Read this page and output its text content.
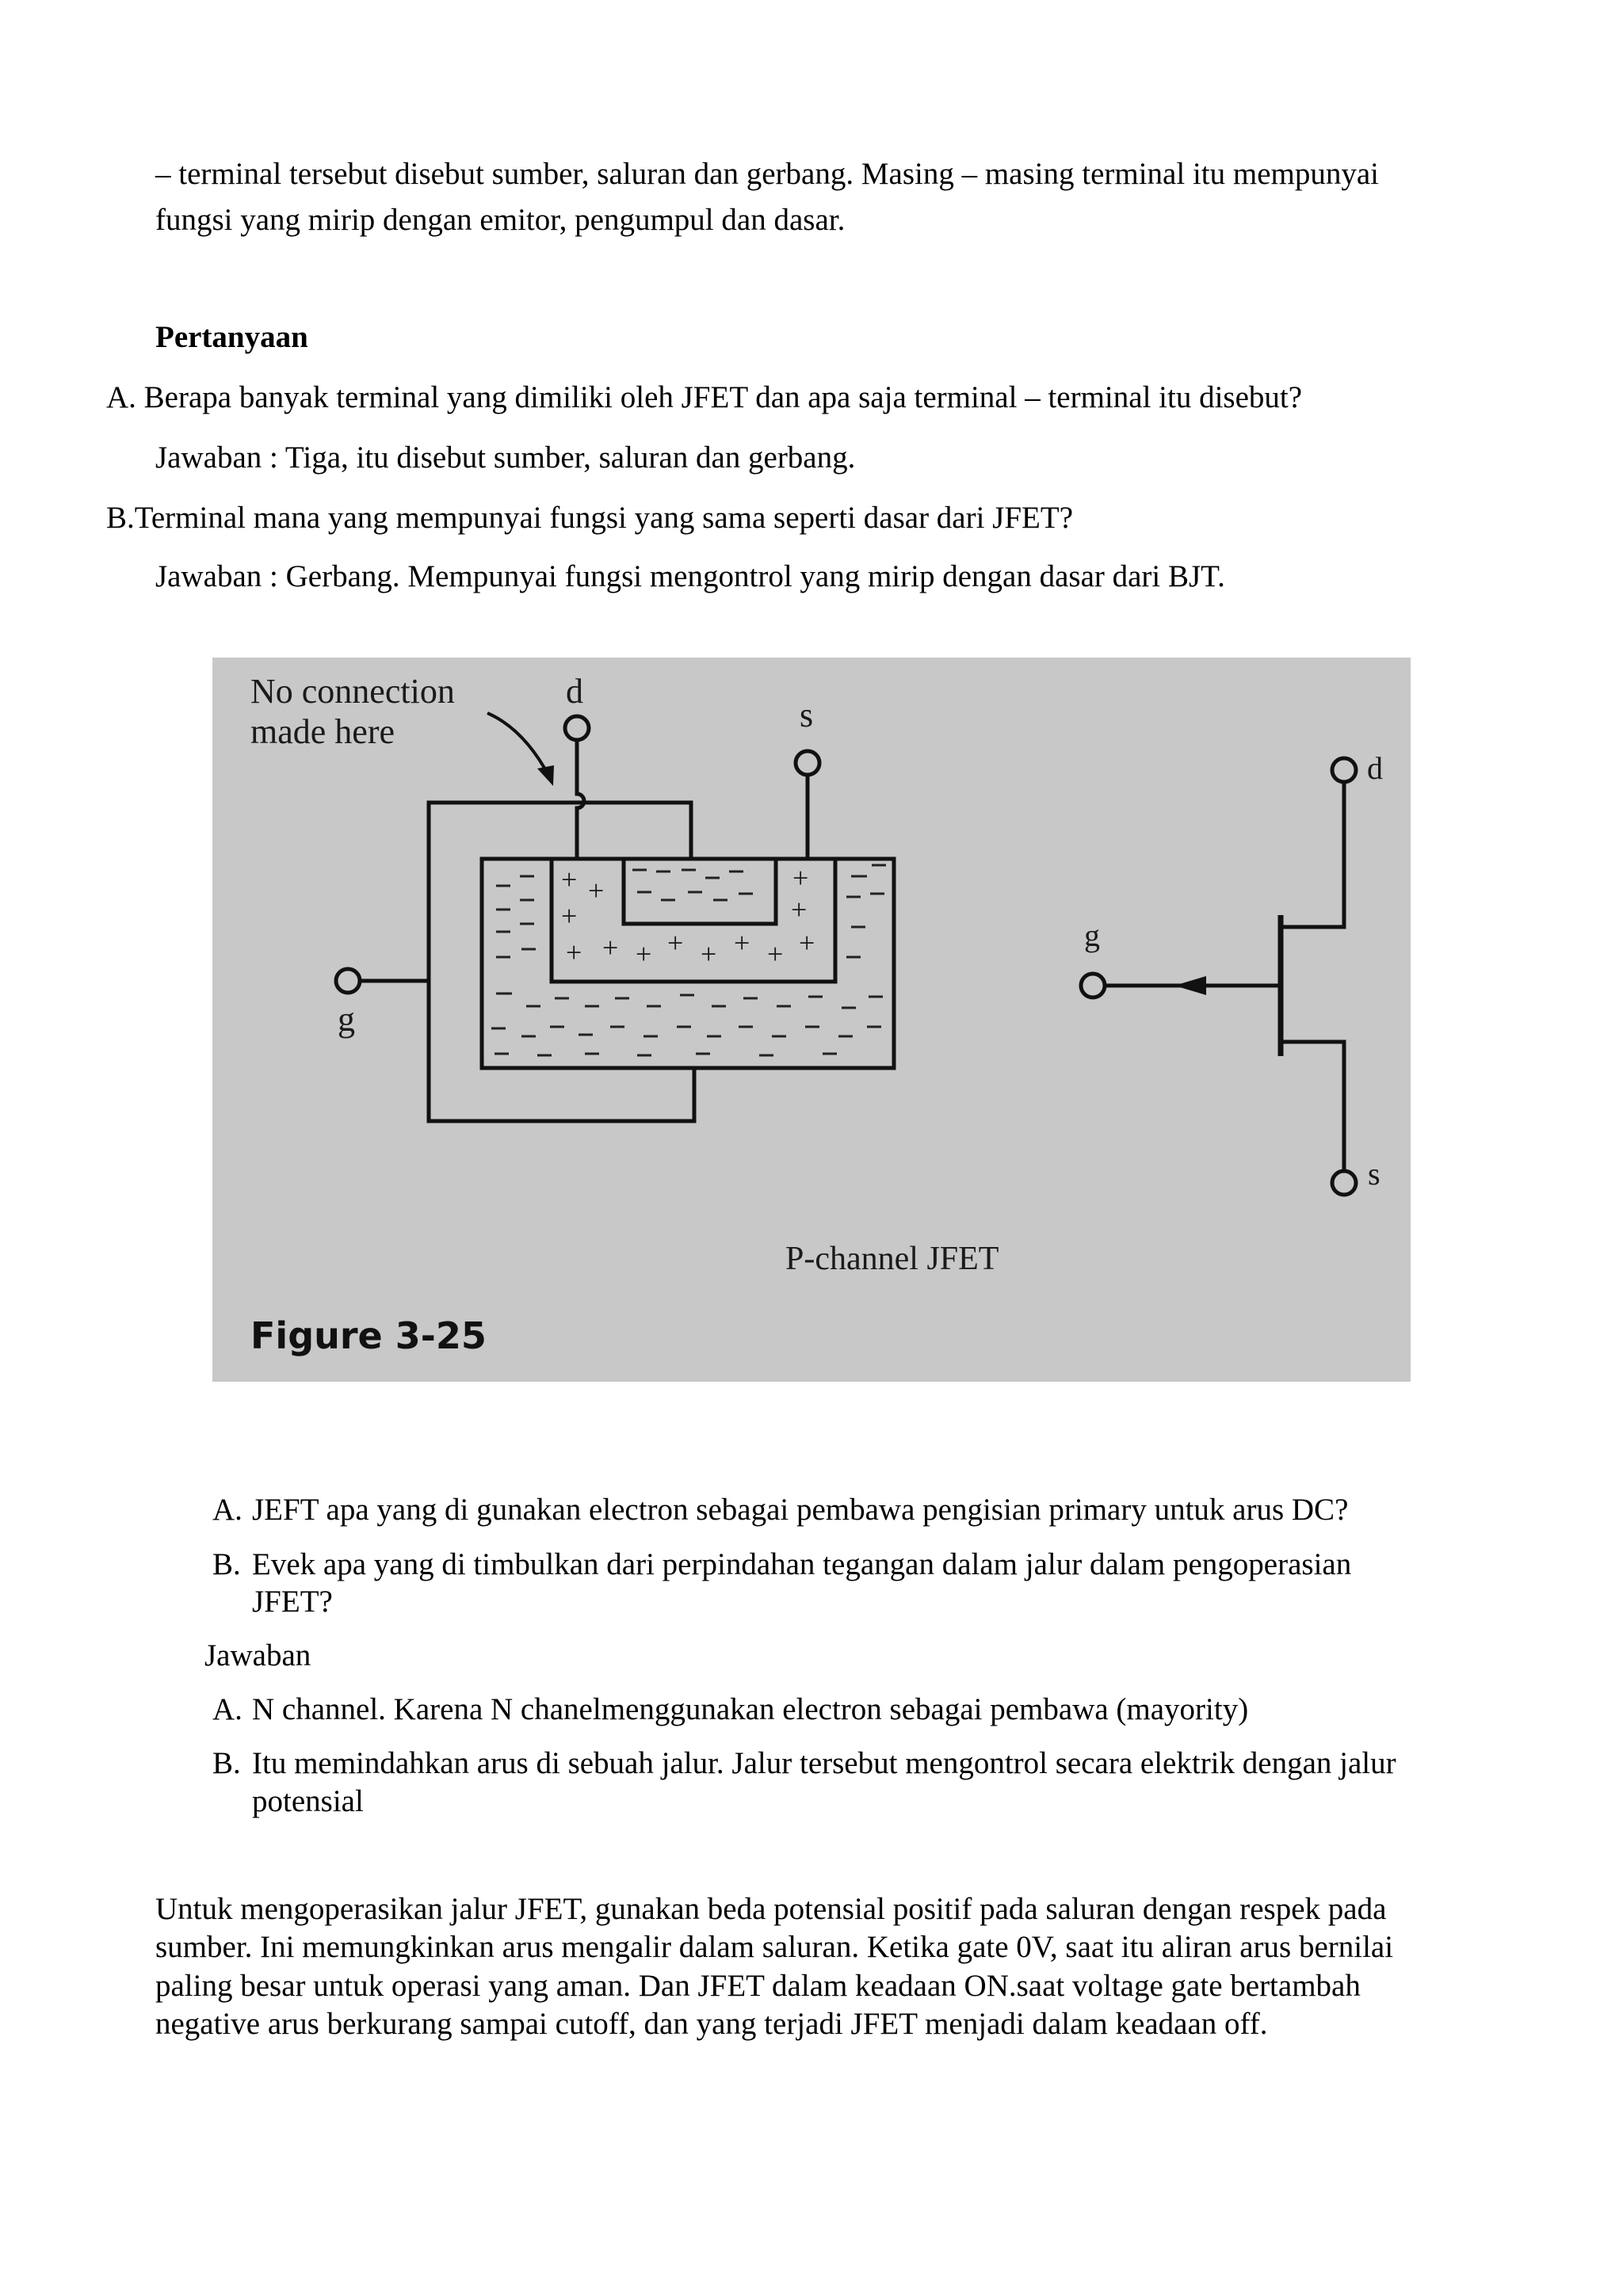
– terminal tersebut disebut sumber, saluran dan gerbang. Masing – masing terminal itu mempunyai
fungsi yang mirip dengan emitor, pengumpul dan dasar.
Pertanyaan
A. Berapa banyak terminal yang dimiliki oleh JFET dan apa saja terminal – terminal itu disebut?
Jawaban : Tiga, itu disebut sumber, saluran dan gerbang.
B.Terminal mana yang mempunyai fungsi yang sama seperti dasar dari JFET?
Jawaban : Gerbang. Mempunyai fungsi mengontrol yang mirip dengan dasar dari BJT.
No connection
made here
d
s
g
+ +
+
+ + + + + + + +
+
+
d
s
g
P-channel JFET
Figure 3-25
A. JEFT apa yang di gunakan electron sebagai pembawa pengisian primary untuk arus DC?
B. Evek apa yang di timbulkan dari perpindahan tegangan dalam jalur dalam pengoperasian
JFET?
Jawaban
A. N channel. Karena N chanelmenggunakan electron sebagai pembawa (mayority)
B. Itu memindahkan arus di sebuah jalur. Jalur tersebut mengontrol secara elektrik dengan jalur
potensial
Untuk mengoperasikan jalur JFET, gunakan beda potensial positif pada saluran dengan respek pada
sumber. Ini memungkinkan arus mengalir dalam saluran. Ketika gate 0V, saat itu aliran arus bernilai
paling besar untuk operasi yang aman. Dan JFET dalam keadaan ON.saat voltage gate bertambah
negative arus berkurang sampai cutoff, dan yang terjadi JFET menjadi dalam keadaan off.
